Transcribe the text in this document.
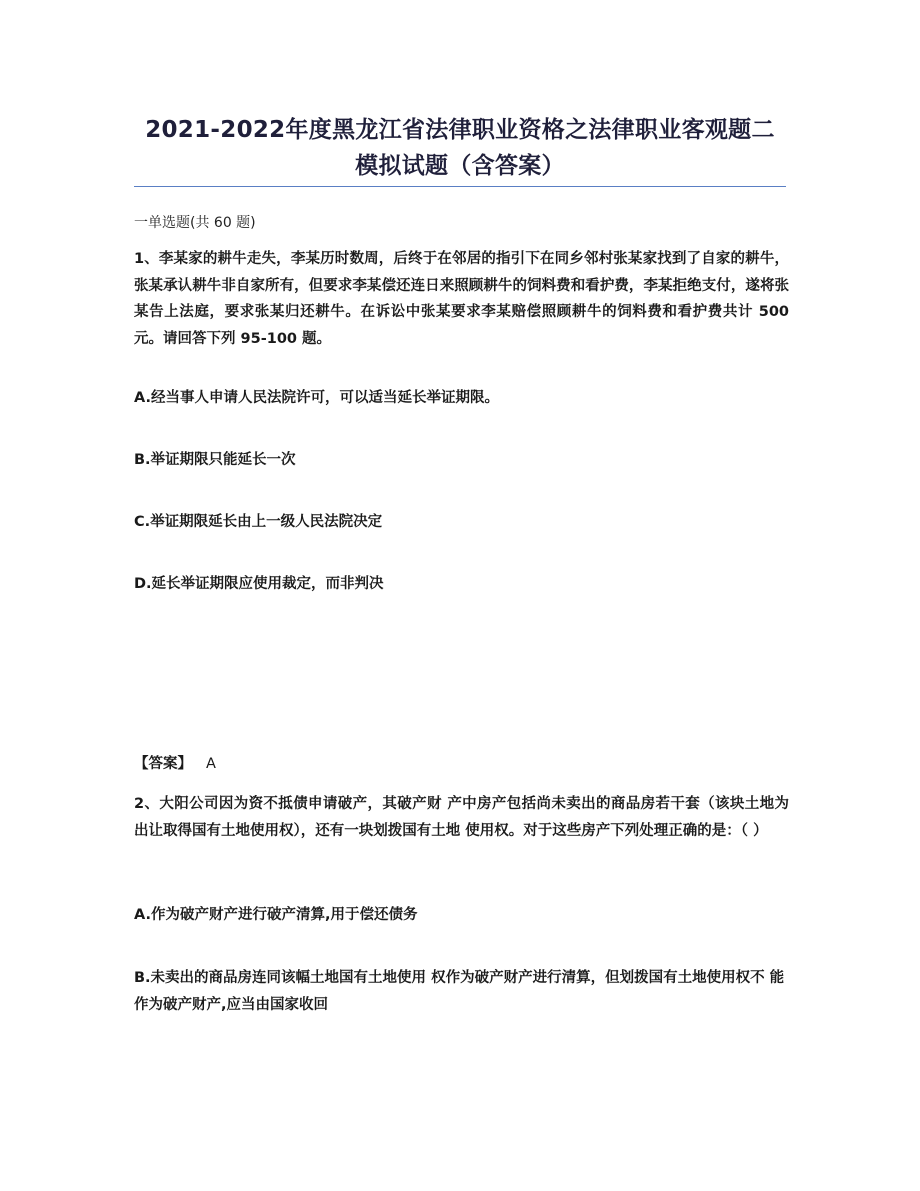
2021-2022年度黑龙江省法律职业资格之法律职业客观题二
模拟试题（含答案）
一单选题(共 60 题)
1、李某家的耕牛走失，李某历时数周，后终于在邻居的指引下在同乡邻村张某家找到了自家的耕牛，张某承认耕牛非自家所有，但要求李某偿还连日来照顾耕牛的饲料费和看护费，李某拒绝支付，遂将张某告上法庭，要求张某归还耕牛。在诉讼中张某要求李某赔偿照顾耕牛的饲料费和看护费共计 500 元。请回答下列 95-100 题。
A.经当事人申请人民法院许可，可以适当延长举证期限。
B.举证期限只能延长一次
C.举证期限延长由上一级人民法院决定
D.延长举证期限应使用裁定，而非判决
【答案】 A
2、大阳公司因为资不抵债申请破产，其破产财 产中房产包括尚未卖出的商品房若干套（该块土地为 出让取得国有土地使用权），还有一块划拨国有土地 使用权。对于这些房产下列处理正确的是：（ ）
A.作为破产财产进行破产清算,用于偿还债务
B.未卖出的商品房连同该幅土地国有土地使用 权作为破产财产进行清算，但划拨国有土地使用权不 能作为破产财产,应当由国家收回
